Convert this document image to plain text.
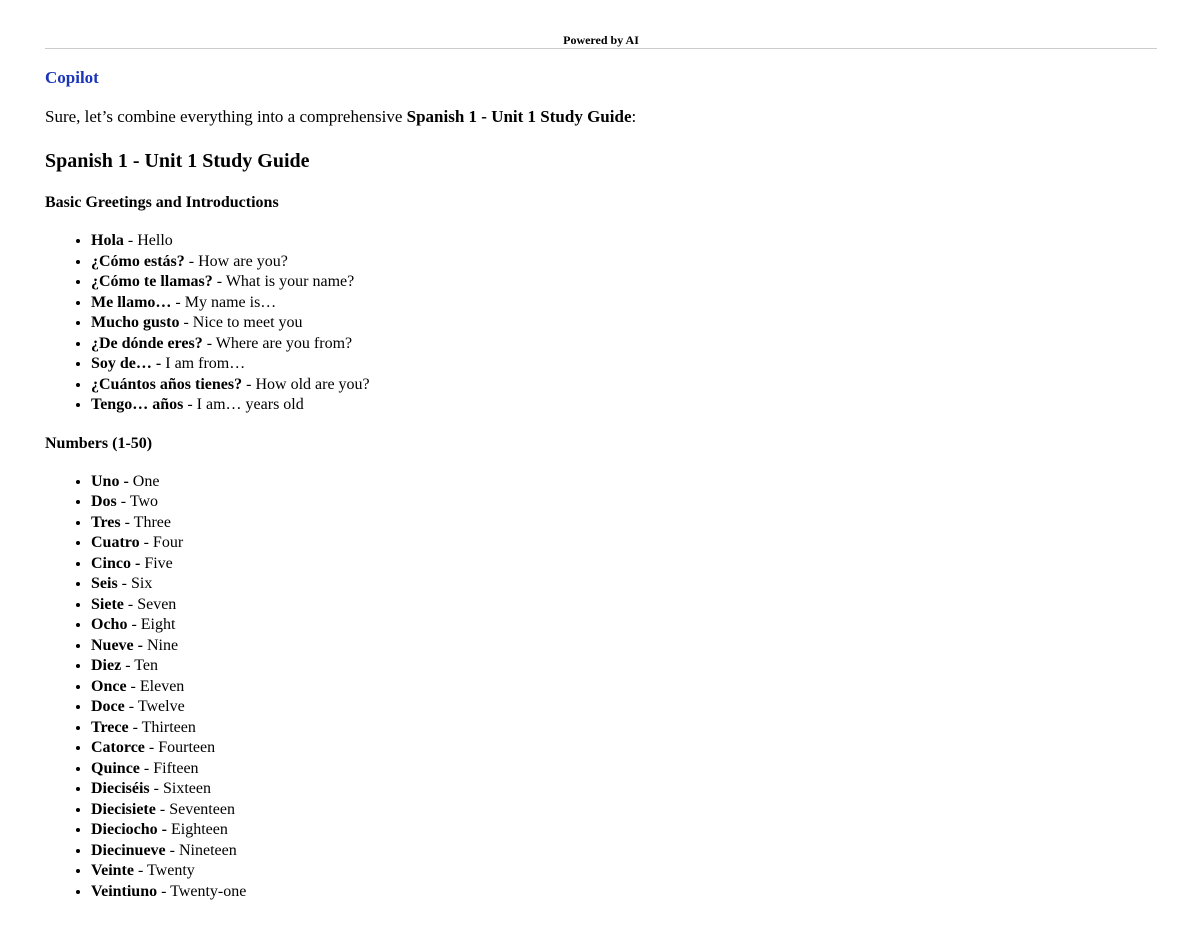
Powered by AI
Copilot
Sure, let’s combine everything into a comprehensive Spanish 1 - Unit 1 Study Guide:
Spanish 1 - Unit 1 Study Guide
Basic Greetings and Introductions
• Hola - Hello
• ¿Cómo estás? - How are you?
• ¿Cómo te llamas? - What is your name?
• Me llamo… - My name is…
• Mucho gusto - Nice to meet you
• ¿De dónde eres? - Where are you from?
• Soy de… - I am from…
• ¿Cuántos años tienes? - How old are you?
• Tengo… años - I am… years old
Numbers (1-50)
• Uno - One
• Dos - Two
• Tres - Three
• Cuatro - Four
• Cinco - Five
• Seis - Six
• Siete - Seven
• Ocho - Eight
• Nueve - Nine
• Diez - Ten
• Once - Eleven
• Doce - Twelve
• Trece - Thirteen
• Catorce - Fourteen
• Quince - Fifteen
• Dieciséis - Sixteen
• Diecisiete - Seventeen
• Dieciocho - Eighteen
• Diecinueve - Nineteen
• Veinte - Twenty
• Veintiuno - Twenty-one
